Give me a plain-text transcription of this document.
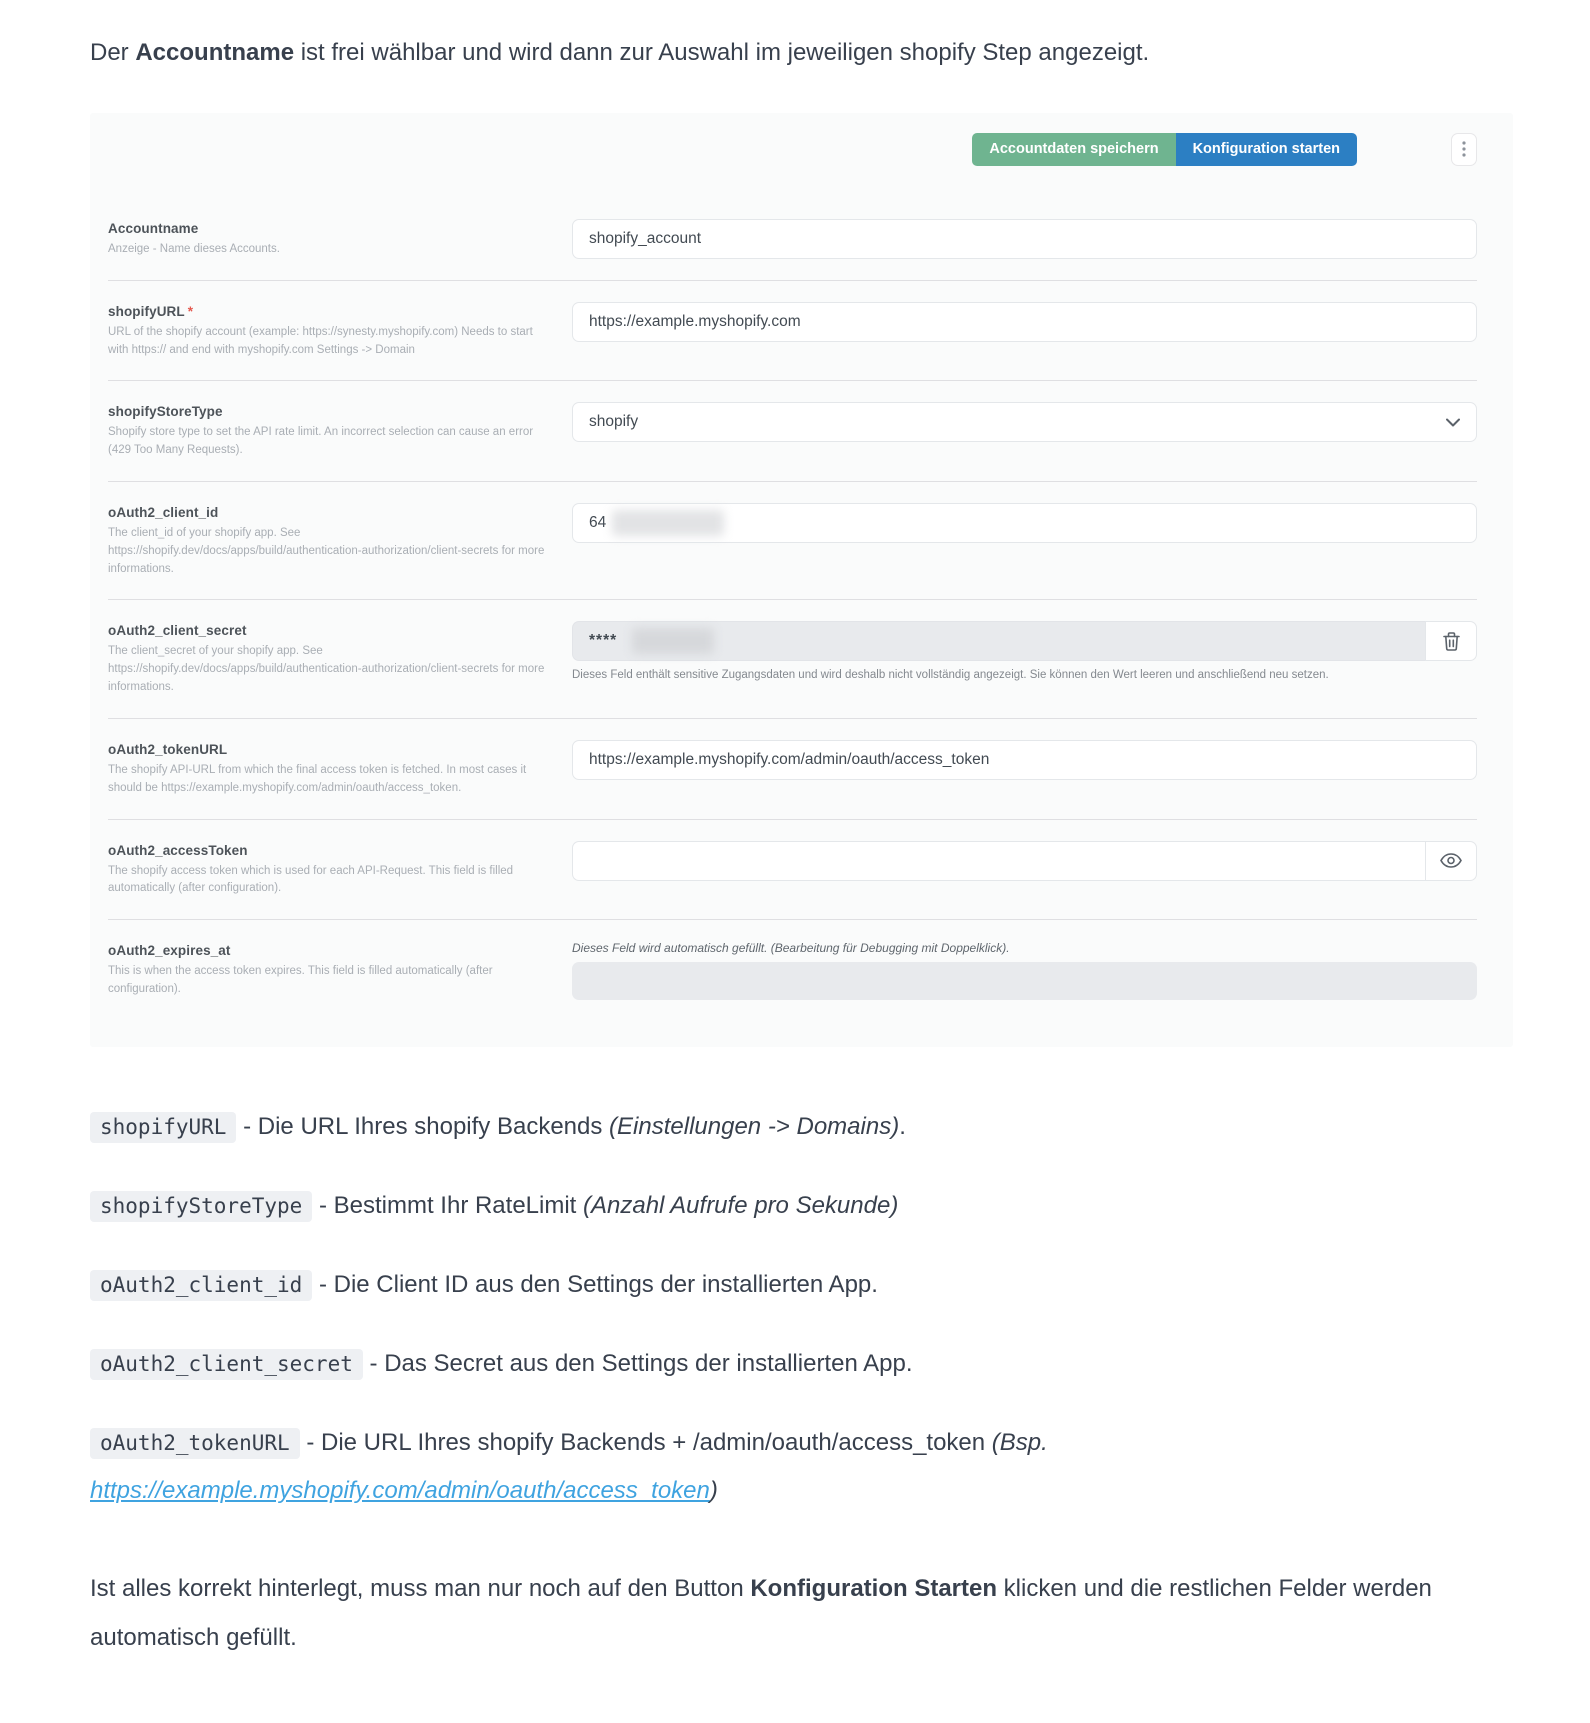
Der Accountname ist frei wählbar und wird dann zur Auswahl im jeweiligen shopify Step angezeigt.

Accountdaten speichern	Konfiguration starten
Accountname
Anzeige - Name dieses Accounts.
shopify_account
shopifyURL *
URL of the shopify account (example: https://synesty.myshopify.com) Needs to start with https:// and end with myshopify.com Settings -> Domain
https://example.myshopify.com
shopifyStoreType
Shopify store type to set the API rate limit. An incorrect selection can cause an error (429 Too Many Requests).
shopify
oAuth2_client_id
The client_id of your shopify app. See https://shopify.dev/docs/apps/build/authentication-authorization/client-secrets for more informations.
64
oAuth2_client_secret
The client_secret of your shopify app. See https://shopify.dev/docs/apps/build/authentication-authorization/client-secrets for more informations.
****
Dieses Feld enthält sensitive Zugangsdaten und wird deshalb nicht vollständig angezeigt. Sie können den Wert leeren und anschließend neu setzen.
oAuth2_tokenURL
The shopify API-URL from which the final access token is fetched. In most cases it should be https://example.myshopify.com/admin/oauth/access_token.
https://example.myshopify.com/admin/oauth/access_token
oAuth2_accessToken
The shopify access token which is used for each API-Request. This field is filled automatically (after configuration).
oAuth2_expires_at
This is when the access token expires. This field is filled automatically (after configuration).
Dieses Feld wird automatisch gefüllt. (Bearbeitung für Debugging mit Doppelklick).

shopifyURL - Die URL Ihres shopify Backends (Einstellungen -> Domains).

shopifyStoreType - Bestimmt Ihr RateLimit (Anzahl Aufrufe pro Sekunde)

oAuth2_client_id - Die Client ID aus den Settings der installierten App.

oAuth2_client_secret - Das Secret aus den Settings der installierten App.

oAuth2_tokenURL - Die URL Ihres shopify Backends + /admin/oauth/access_token (Bsp. https://example.myshopify.com/admin/oauth/access_token)

Ist alles korrekt hinterlegt, muss man nur noch auf den Button Konfiguration Starten klicken und die restlichen Felder werden automatisch gefüllt.
